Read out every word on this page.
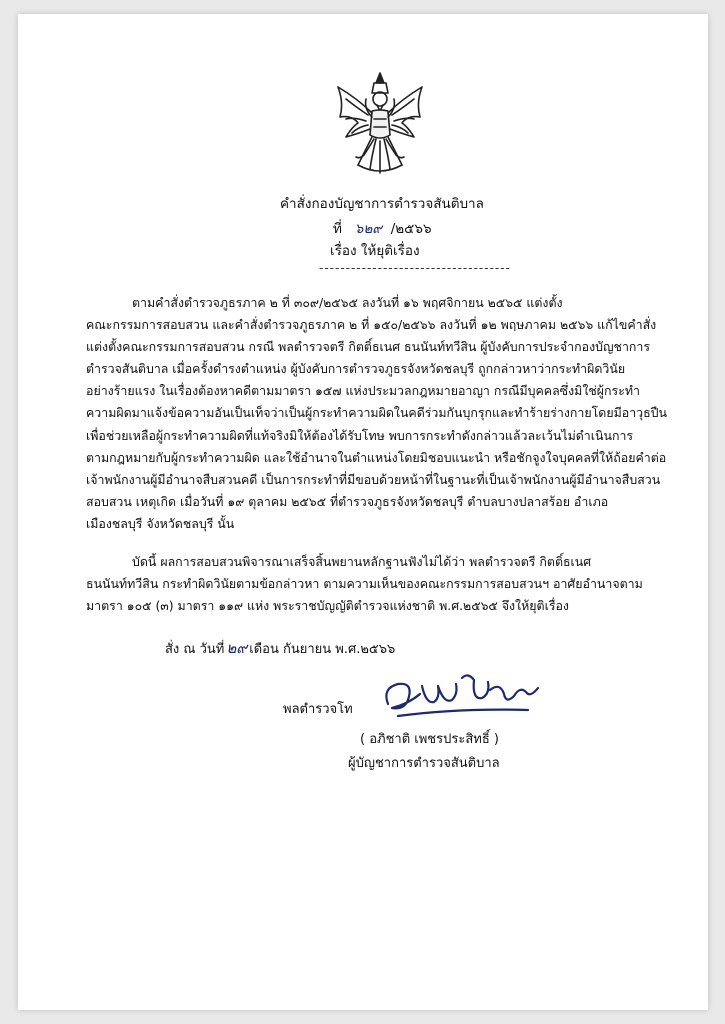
คำสั่งกองบัญชาการตำรวจสันติบาล
ที่ ๖๒๙ /๒๕๖๖
เรื่อง ให้ยุติเรื่อง
------------------------------------
ตามคำสั่งตำรวจภูธรภาค ๒ ที่ ๓๐๙/๒๕๖๕ ลงวันที่ ๑๖ พฤศจิกายน ๒๕๖๕ แต่งตั้ง
คณะกรรมการสอบสวน และคำสั่งตำรวจภูธรภาค ๒ ที่ ๑๕๐/๒๕๖๖ ลงวันที่ ๑๒ พฤษภาคม ๒๕๖๖ แก้ไขคำสั่ง
แต่งตั้งคณะกรรมการสอบสวน กรณี พลตำรวจตรี กิตติ์ธเนศ ธนนันท์ทวีสิน ผู้บังคับการประจำกองบัญชาการ
ตำรวจสันติบาล เมื่อครั้งดำรงตำแหน่ง ผู้บังคับการตำรวจภูธรจังหวัดชลบุรี ถูกกล่าวหาว่ากระทำผิดวินัย
อย่างร้ายแรง ในเรื่องต้องหาคดีตามมาตรา ๑๕๗ แห่งประมวลกฎหมายอาญา กรณีมีบุคคลซึ่งมิใช่ผู้กระทำ
ความผิดมาแจ้งข้อความอันเป็นเท็จว่าเป็นผู้กระทำความผิดในคดีร่วมกันบุกรุกและทำร้ายร่างกายโดยมีอาวุธปืน
เพื่อช่วยเหลือผู้กระทำความผิดที่แท้จริงมิให้ต้องได้รับโทษ พบการกระทำดังกล่าวแล้วละเว้นไม่ดำเนินการ
ตามกฎหมายกับผู้กระทำความผิด และใช้อำนาจในตำแหน่งโดยมิชอบแนะนำ หรือชักจูงใจบุคคลที่ให้ถ้อยคำต่อ
เจ้าพนักงานผู้มีอำนาจสืบสวนคดี เป็นการกระทำที่มีขอบด้วยหน้าที่ในฐานะที่เป็นเจ้าพนักงานผู้มีอำนาจสืบสวน
สอบสวน เหตุเกิด เมื่อวันที่ ๑๙ ตุลาคม ๒๕๖๕ ที่ตำรวจภูธรจังหวัดชลบุรี ตำบลบางปลาสร้อย อำเภอ
เมืองชลบุรี จังหวัดชลบุรี นั้น
บัดนี้ ผลการสอบสวนพิจารณาเสร็จสิ้นพยานหลักฐานฟังไม่ได้ว่า พลตำรวจตรี กิตติ์ธเนศ
ธนนันท์ทวีสิน กระทำผิดวินัยตามข้อกล่าวหา ตามความเห็นของคณะกรรมการสอบสวนฯ อาศัยอำนาจตาม
มาตรา ๑๐๕ (๓) มาตรา ๑๑๙ แห่ง พระราชบัญญัติตำรวจแห่งชาติ พ.ศ.๒๕๖๕ จึงให้ยุติเรื่อง
สั่ง ณ วันที่ ๒๙ เดือน กันยายน พ.ศ.๒๕๖๖
พลตำรวจโท
( อภิชาติ เพชรประสิทธิ์ )
ผู้บัญชาการตำรวจสันติบาล
